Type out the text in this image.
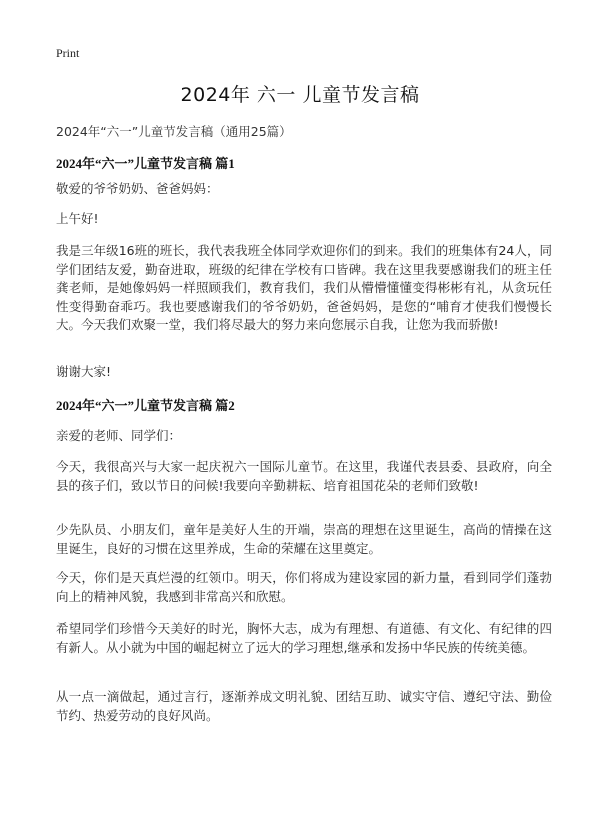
Print
2024年 六一 儿童节发言稿

2024年“六一”儿童节发言稿（通用25篇）

2024年“六一”儿童节发言稿 篇1

敬爱的爷爷奶奶、爸爸妈妈：

上午好!

我是三年级16班的班长，我代表我班全体同学欢迎你们的到来。我们的班集体有24人，同学们团结友爱，勤奋进取，班级的纪律在学校有口皆碑。我在这里我要感谢我们的班主任龚老师，是她像妈妈一样照顾我们，教育我们，我们从懵懵懂懂变得彬彬有礼，从贪玩任性变得勤奋乖巧。我也要感谢我们的爷爷奶奶，爸爸妈妈，是您的“哺育才使我们慢慢长大。今天我们欢聚一堂，我们将尽最大的努力来向您展示自我，让您为我而骄傲!

谢谢大家!

2024年“六一”儿童节发言稿 篇2

亲爱的老师、同学们：

今天，我很高兴与大家一起庆祝六一国际儿童节。在这里，我谨代表县委、县政府，向全县的孩子们，致以节日的问候!我要向辛勤耕耘、培育祖国花朵的老师们致敬!

少先队员、小朋友们，童年是美好人生的开端，崇高的理想在这里诞生，高尚的情操在这里诞生，良好的习惯在这里养成，生命的荣耀在这里奠定。

今天，你们是天真烂漫的红领巾。明天，你们将成为建设家园的新力量，看到同学们蓬勃向上的精神风貌，我感到非常高兴和欣慰。

希望同学们珍惜今天美好的时光，胸怀大志，成为有理想、有道德、有文化、有纪律的四有新人。从小就为中国的崛起树立了远大的学习理想,继承和发扬中华民族的传统美德。

从一点一滴做起，通过言行，逐渐养成文明礼貌、团结互助、诚实守信、遵纪守法、勤俭节约、热爱劳动的良好风尚。
